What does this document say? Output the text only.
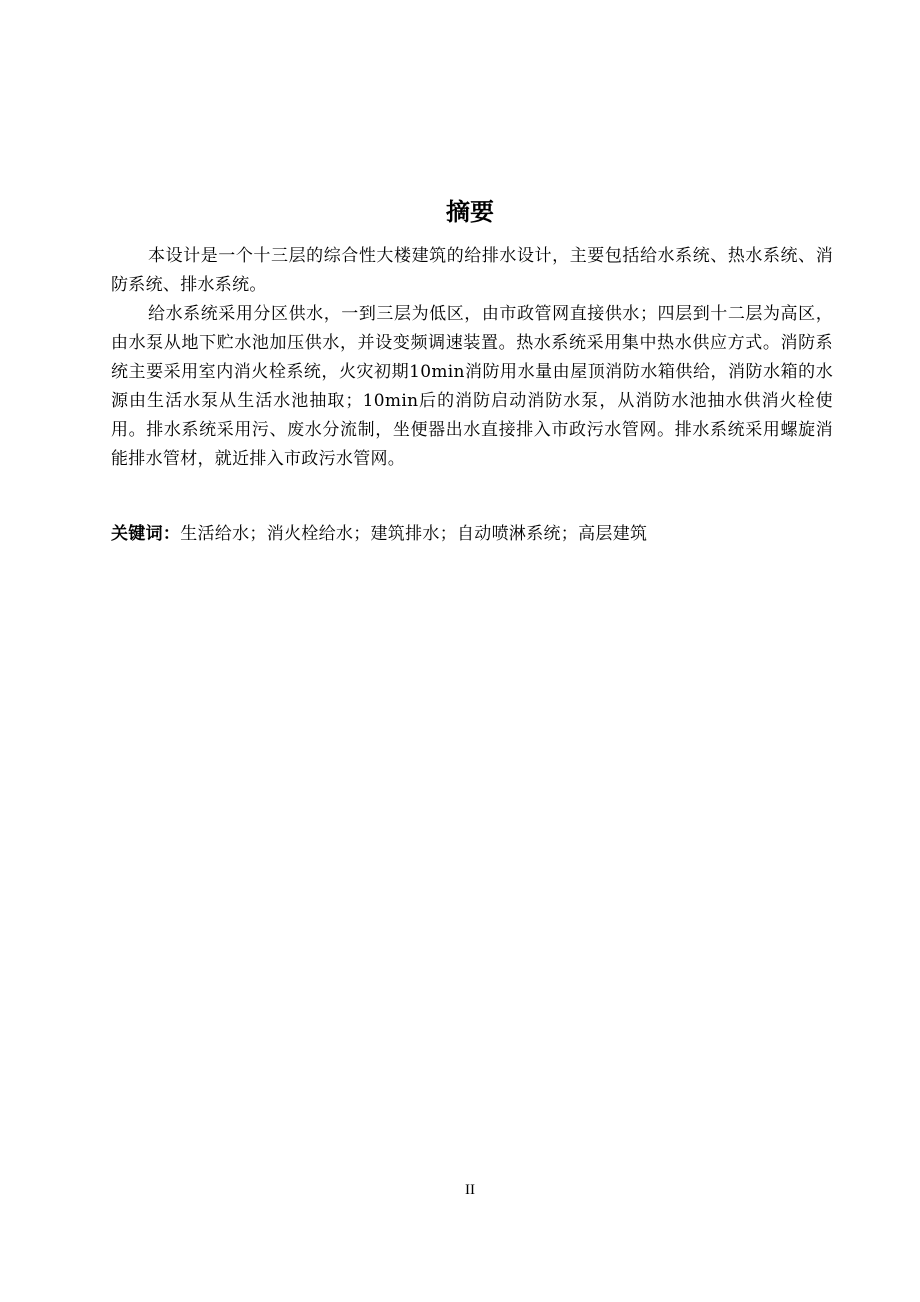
摘要

本设计是一个十三层的综合性大楼建筑的给排水设计，主要包括给水系统、热水系统、消防系统、排水系统。

给水系统采用分区供水，一到三层为低区，由市政管网直接供水；四层到十二层为高区，由水泵从地下贮水池加压供水，并设变频调速装置。热水系统采用集中热水供应方式。消防系统主要采用室内消火栓系统，火灾初期10min消防用水量由屋顶消防水箱供给，消防水箱的水源由生活水泵从生活水池抽取；10min后的消防启动消防水泵，从消防水池抽水供消火栓使用。排水系统采用污、废水分流制，坐便器出水直接排入市政污水管网。排水系统采用螺旋消能排水管材，就近排入市政污水管网。

关键词：生活给水；消火栓给水；建筑排水；自动喷淋系统；高层建筑

II
